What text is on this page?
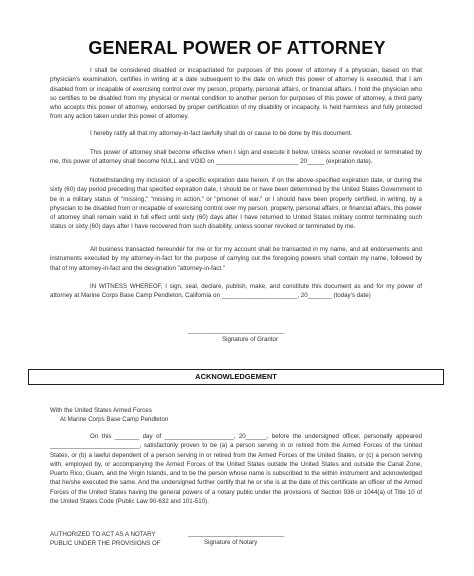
GENERAL POWER OF ATTORNEY

I shall be considered disabled or incapacitated for purposes of this power of attorney if a physician, based on that physician's examination, certifies in writing at a date subsequent to the date on which this power of attorney is executed, that I am disabled from or incapable of exercising control over my person, property, personal affairs, or financial affairs. I hold the physician who so certifies to be disabled from my physical or mental condition to another person for purposes of this power of attorney, a third party who accepts this power of attorney, endorsed by proper certification of my disability or incapacity, is held harmless and fully protected from any action taken under this power of attorney.

I hereby ratify all that my attorney-in-fact lawfully shall do or cause to be done by this document.

This power of attorney shall become effective when I sign and execute it below. Unless sooner revoked or terminated by me, this power of attorney shall become NULL and VOID on ________________________ 20_____ (expiration date).

Notwithstanding my inclusion of a specific expiration date herein, if on the above-specified expiration date, or during the sixty (60) day period preceding that specified expiration date, I should be or have been determined by the United States Government to be in a military status of "missing," "missing in action," or "prisoner of war," or I should have been properly certified, in writing, by a physician to be disabled from or incapable of exercising control over my person, property, personal affairs, or financial affairs, this power of attorney shall remain valid in full effect until sixty (60) days after I have returned to United States military control terminating such status or sixty (60) days after I have recovered from such disability, unless sooner revoked or terminated by me.

All business transacted hereunder for me or for my account shall be transacted in my name, and all endorsements and instruments executed by my attorney-in-fact for the purpose of carrying out the foregoing powers shall contain my name, followed by that of my attorney-in-fact and the designation "attorney-in-fact."

IN WITNESS WHEREOF, I sign, seal, declare, publish, make, and constitute this document as and for my power of attorney at Marine Corps Base Camp Pendleton, California on ______________________, 20_______ (today's date)

____________________________
Signature of Grantor
ACKNOWLEDGEMENT
With the United States Armed Forces
At Marine Corps Base Camp Pendleton

On this _______ day of ____________________, 20______, before the undersigned officer, personally appeared __________________________, satisfactorily proven to be (a) a person serving in or retired from the Armed Forces of the United States, or (b) a lawful dependent of a person serving in or retired from the Armed Forces of the United States, or (c) a person serving with, employed by, or accompanying the Armed Forces of the United States outside the United States and outside the Canal Zone, Puerto Rico, Guam, and the Virgin Islands, and to be the person whose name is subscribed to the within instrument and acknowledged that he/she executed the same. And the undersigned further certify that he or she is at the date of this certificate an officer of the Armed Forces of the United States having the general powers of a notary public under the provisions of Section 936 or 1044(a) of Title 10 of the United States Code (Public Law 90-632 and 101-510).

AUTHORIZED TO ACT AS A NOTARY
PUBLIC UNDER THE PROVISIONS OF
____________________________
Signature of Notary
